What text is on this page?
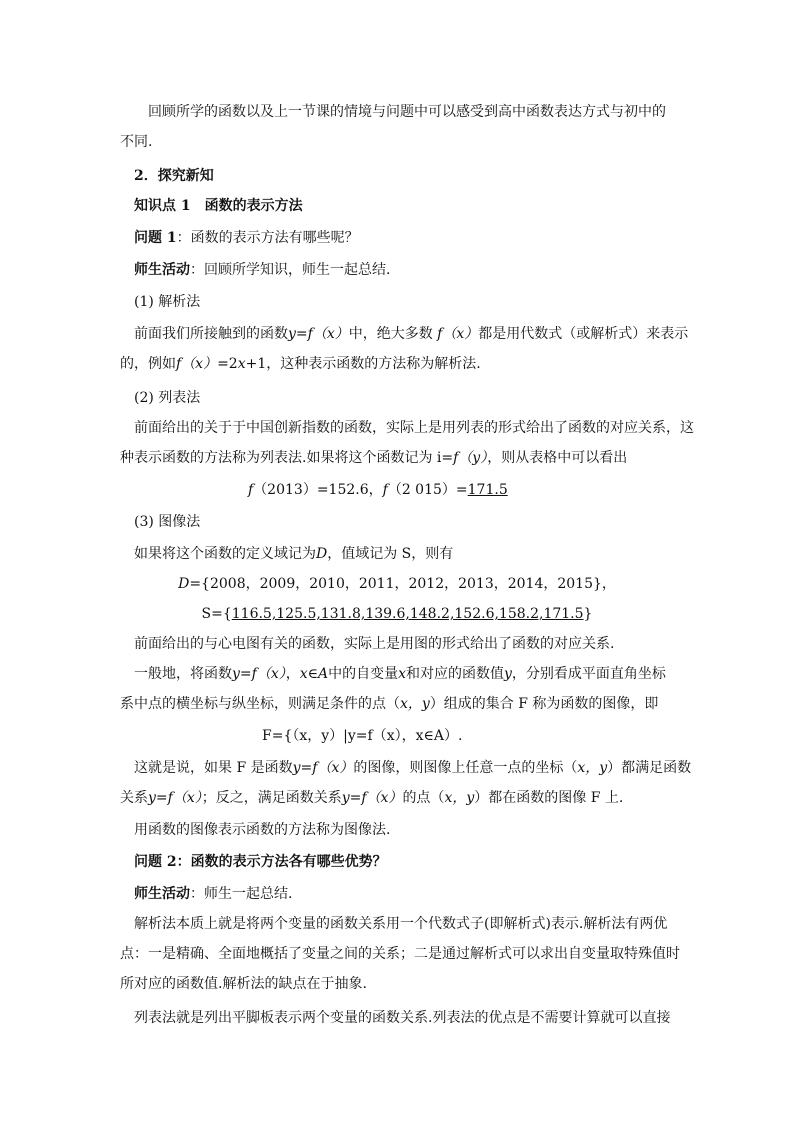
回顾所学的函数以及上一节课的情境与问题中可以感受到高中函数表达方式与初中的
不同.
2．探究新知
知识点 1 函数的表示方法
问题 1：函数的表示方法有哪些呢？
师生活动：回顾所学知识，师生一起总结.
(1) 解析法
前面我们所接触到的函数y=f（x）中，绝大多数 f（x）都是用代数式（或解析式）来表示
的，例如f（x）=2x+1，这种表示函数的方法称为解析法.
(2) 列表法
前面给出的关于于中国创新指数的函数，实际上是用列表的形式给出了函数的对应关系，这
种表示函数的方法称为列表法.如果将这个函数记为 i=f（y），则从表格中可以看出
f（2013）=152.6，f（2 015）=171.5
(3) 图像法
如果将这个函数的定义域记为D，值域记为 S，则有
D={2008，2009，2010，2011，2012，2013，2014，2015}，
S={116.5,125.5,131.8,139.6,148.2,152.6,158.2,171.5}
前面给出的与心电图有关的函数，实际上是用图的形式给出了函数的对应关系.
一般地，将函数y=f（x），x∈A中的自变量x和对应的函数值y，分别看成平面直角坐标
系中点的横坐标与纵坐标，则满足条件的点（x，y）组成的集合 F 称为函数的图像，即
F={（x，y）|y=f（x），x∈A）.
这就是说，如果 F 是函数y=f（x）的图像，则图像上任意一点的坐标（x，y）都满足函数
关系y=f（x）；反之，满足函数关系y=f（x）的点（x，y）都在函数的图像 F 上.
用函数的图像表示函数的方法称为图像法.
问题 2：函数的表示方法各有哪些优势？
师生活动：师生一起总结.
解析法本质上就是将两个变量的函数关系用一个代数式子(即解析式)表示.解析法有两优
点：一是精确、全面地概括了变量之间的关系；二是通过解析式可以求出自变量取特殊值时
所对应的函数值.解析法的缺点在于抽象.
列表法就是列出平脚板表示两个变量的函数关系.列表法的优点是不需要计算就可以直接
